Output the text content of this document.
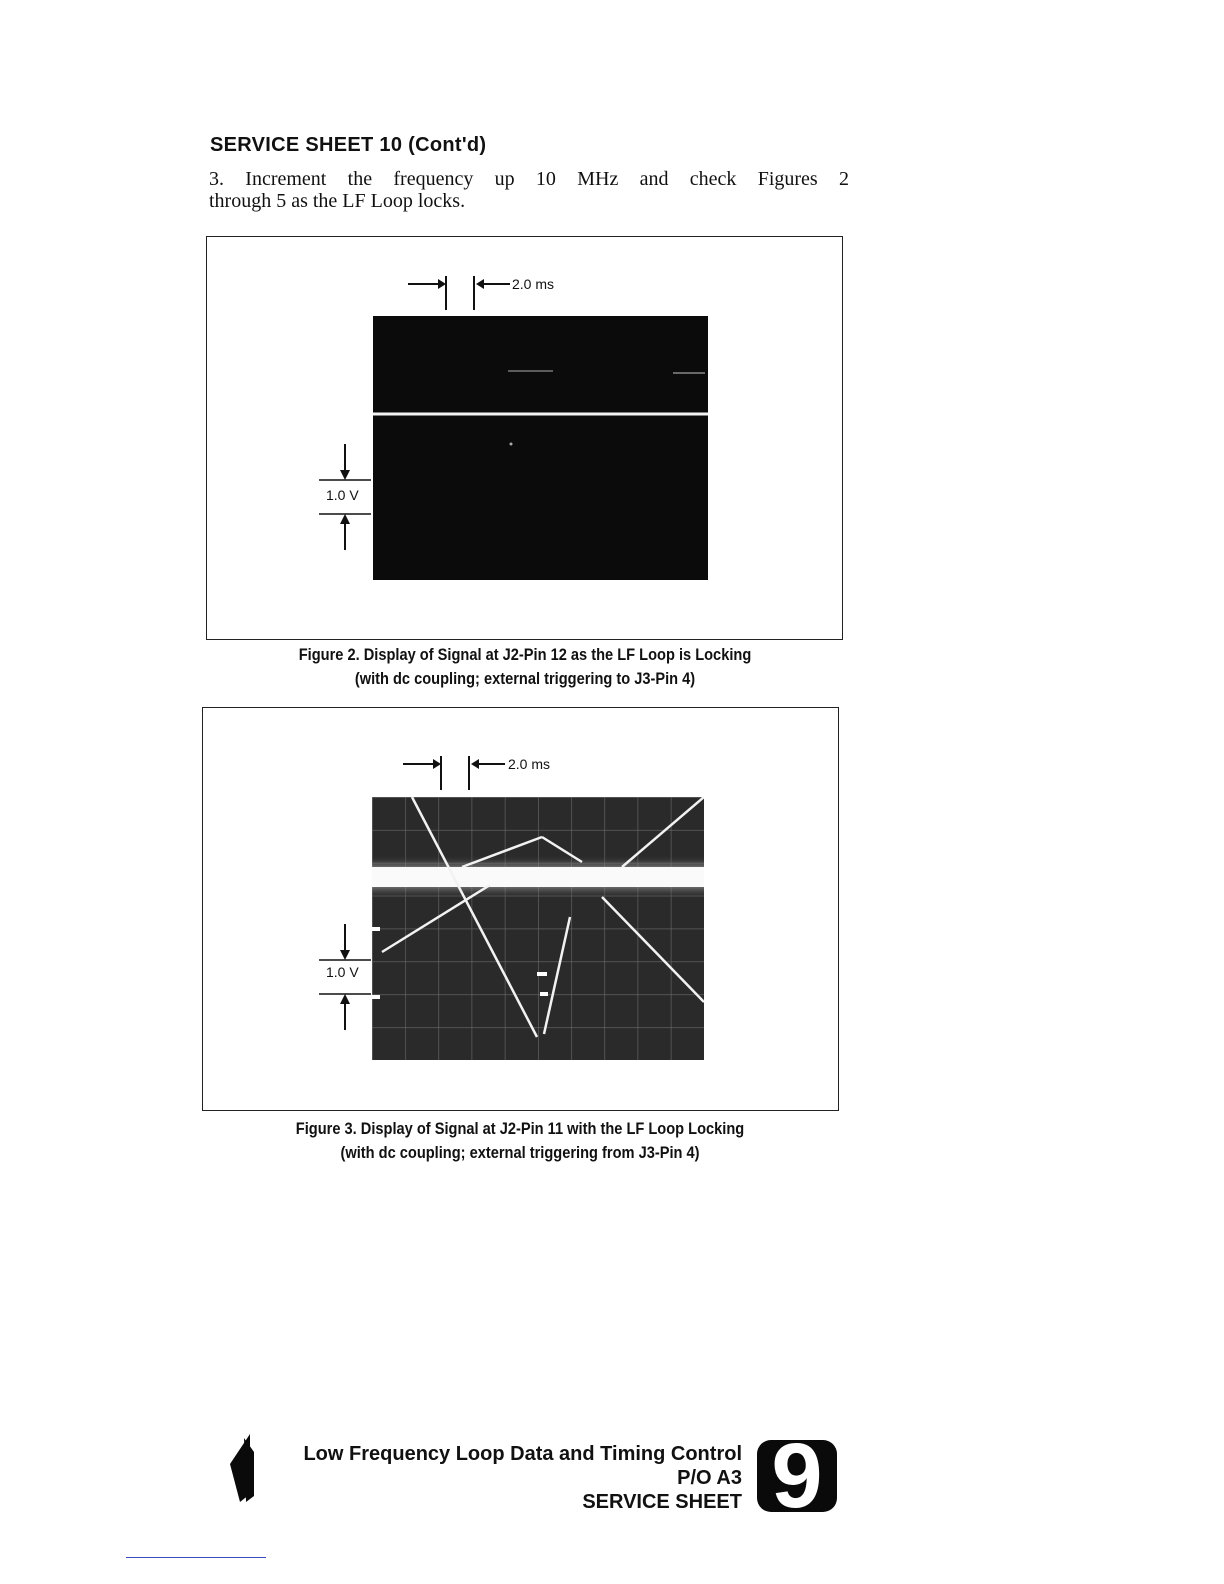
SERVICE SHEET 10 (Cont'd)
3. Increment the frequency up 10 MHz and check Figures 2
through 5 as the LF Loop locks.
2.0 ms
1.0 V
Figure 2. Display of Signal at J2-Pin 12 as the LF Loop is Locking
(with dc coupling; external triggering to J3-Pin 4)
2.0 ms
1.0 V
Figure 3. Display of Signal at J2-Pin 11 with the LF Loop Locking
(with dc coupling; external triggering from J3-Pin 4)
Low Frequency Loop Data and Timing Control
P/O A3
SERVICE SHEET 9
